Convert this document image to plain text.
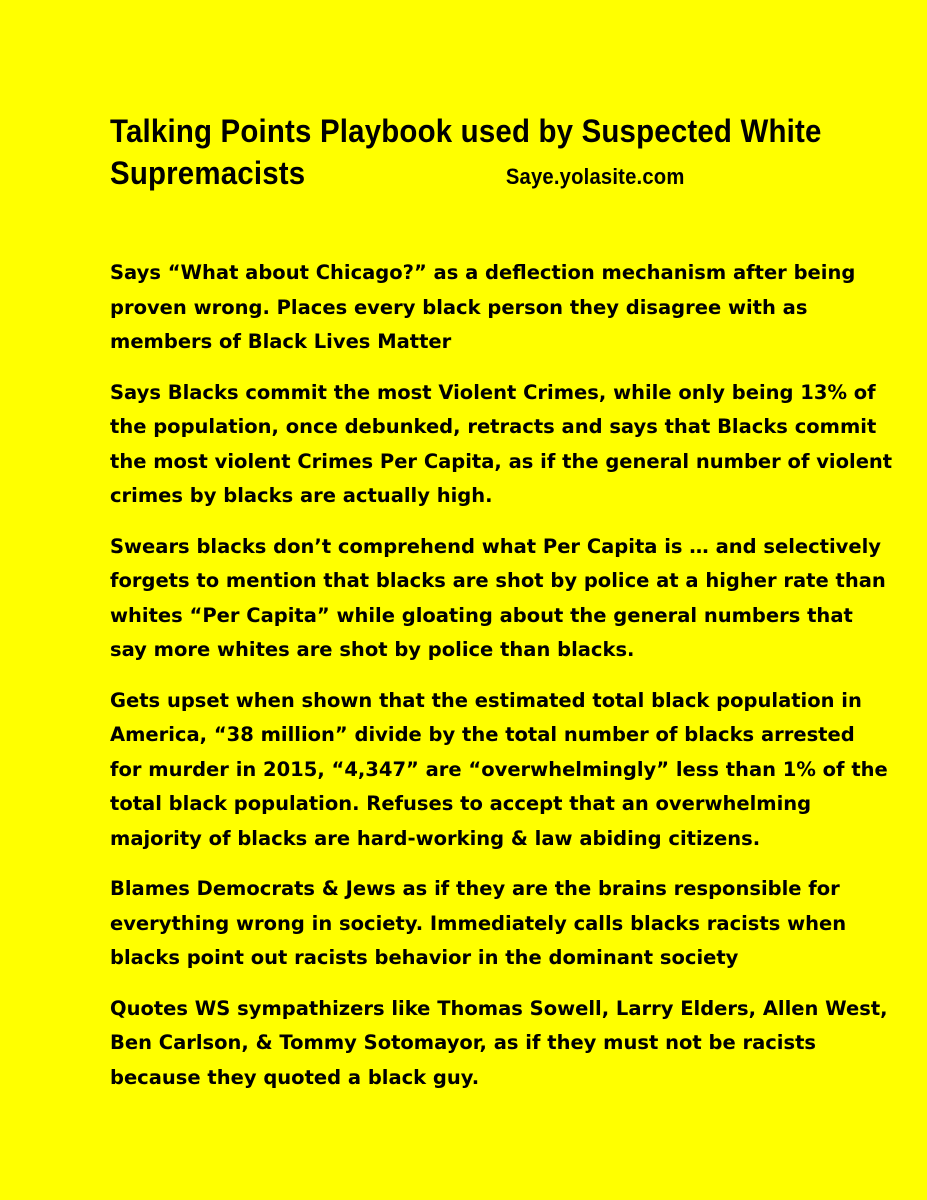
Talking Points Playbook used by Suspected White
Supremacists	Saye.yolasite.com
Says “What about Chicago?” as a deflection mechanism after being
proven wrong. Places every black person they disagree with as
members of Black Lives Matter
Says Blacks commit the most Violent Crimes, while only being 13% of
the population, once debunked, retracts and says that Blacks commit
the most violent Crimes Per Capita, as if the general number of violent
crimes by blacks are actually high.
Swears blacks don’t comprehend what Per Capita is … and selectively
forgets to mention that blacks are shot by police at a higher rate than
whites “Per Capita” while gloating about the general numbers that
say more whites are shot by police than blacks.
Gets upset when shown that the estimated total black population in
America, “38 million” divide by the total number of blacks arrested
for murder in 2015, “4,347” are “overwhelmingly” less than 1% of the
total black population. Refuses to accept that an overwhelming
majority of blacks are hard-working & law abiding citizens.
Blames Democrats & Jews as if they are the brains responsible for
everything wrong in society. Immediately calls blacks racists when
blacks point out racists behavior in the dominant society
Quotes WS sympathizers like Thomas Sowell, Larry Elders, Allen West,
Ben Carlson, & Tommy Sotomayor, as if they must not be racists
because they quoted a black guy.
